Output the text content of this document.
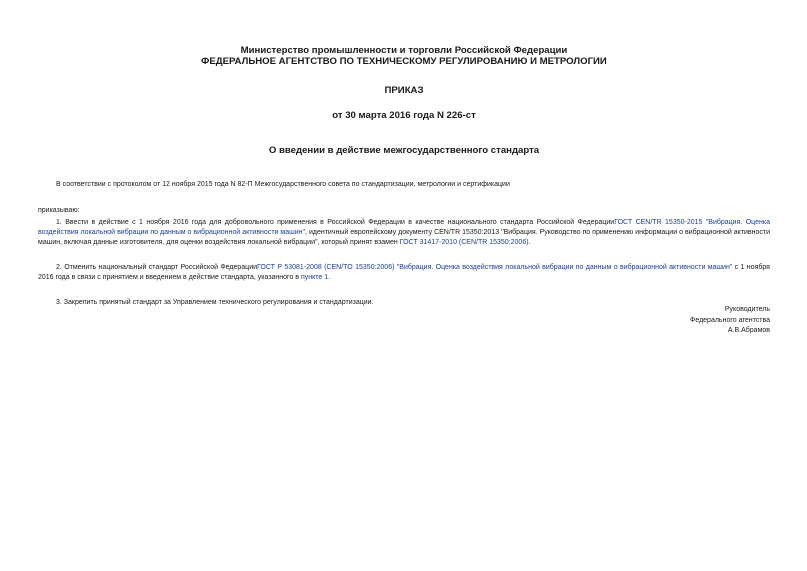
Министерство промышленности и торговли Российской Федерации
ФЕДЕРАЛЬНОЕ АГЕНТСТВО ПО ТЕХНИЧЕСКОМУ РЕГУЛИРОВАНИЮ И МЕТРОЛОГИИ
ПРИКАЗ
от 30 марта 2016 года N 226-ст
О введении в действие межгосударственного стандарта
В соответствии с протоколом от 12 ноября 2015 года N 82-П Межгосударственного совета по стандартизации, метрологии и сертификации
приказываю:
1. Ввести в действие с 1 ноября 2016 года для добровольного применения в Российской Федерации в качестве национального стандарта Российской ФедерацииГОСТ CEN/TR 15350-2015 "Вибрация. Оценка воздействия локальной вибрации по данным о вибрационной активности машин", идентичный европейскому документу CEN/TR 15350:2013 "Вибрация. Руководство по применению информации о вибрационной активности машин, включая данные изготовителя, для оценки воздействия локальной вибрации", который принят взамен ГОСТ 31417-2010 (CEN/TR 15350:2006).
2. Отменить национальный стандарт Российской ФедерацииГОСТ Р 53081-2008 (CEN/TO 15350:2006) "Вибрация. Оценка воздействия локальной вибрации по данным о вибрационной активности машин" с 1 ноября 2016 года в связи с принятием и введением в действие стандарта, указанного в пункте 1.
3. Закрепить принятый стандарт за Управлением технического регулирования и стандартизации.
Руководитель
Федерального агентства
А.В.Абрамов
